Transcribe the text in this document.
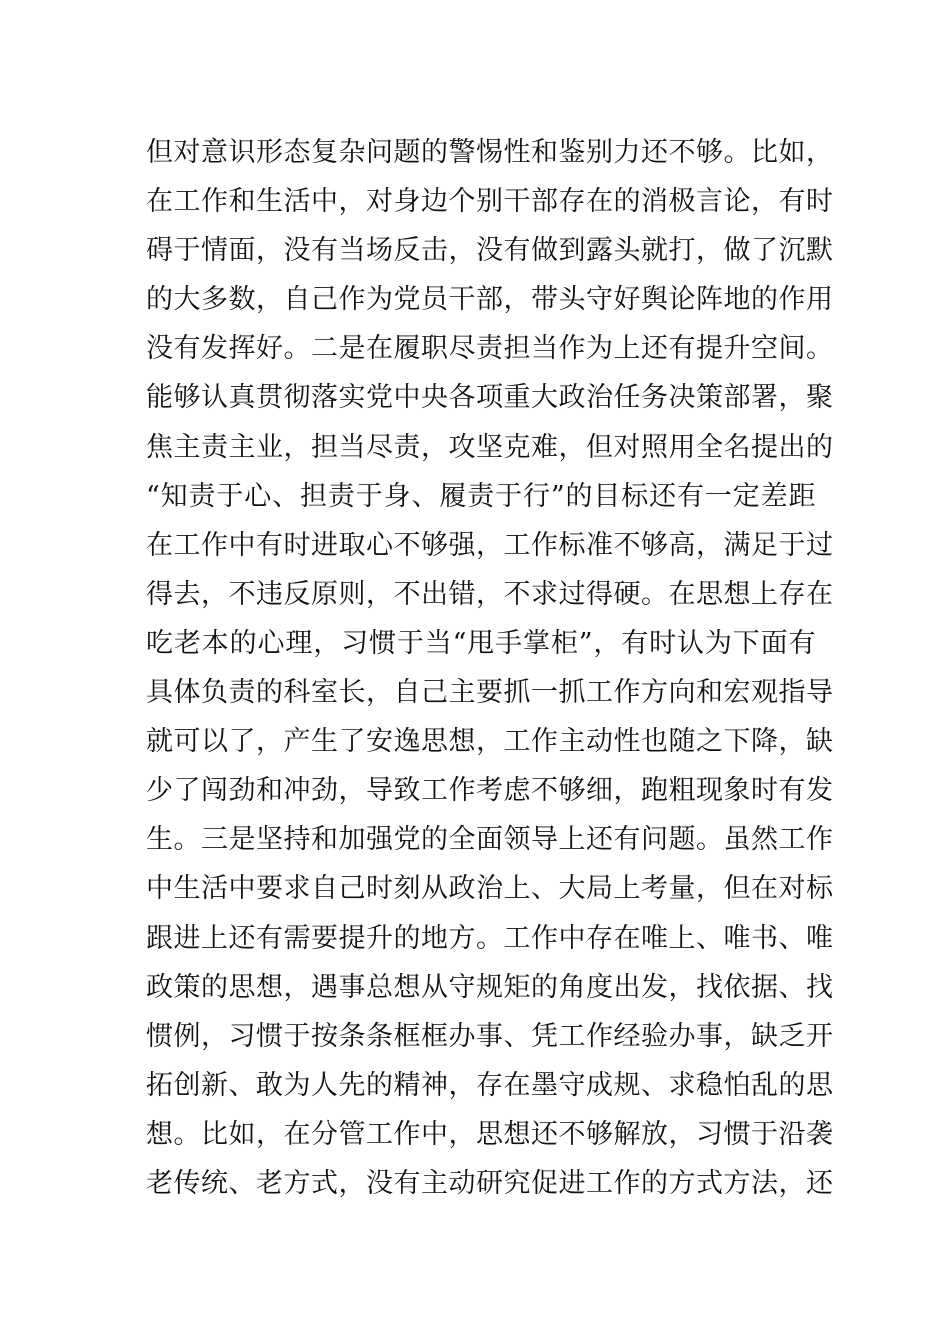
但对意识形态复杂问题的警惕性和鉴别力还不够。比如，
在工作和生活中，对身边个别干部存在的消极言论，有时
碍于情面，没有当场反击，没有做到露头就打，做了沉默
的大多数，自己作为党员干部，带头守好舆论阵地的作用
没有发挥好。二是在履职尽责担当作为上还有提升空间。
能够认真贯彻落实党中央各项重大政治任务决策部署，聚
焦主责主业，担当尽责，攻坚克难，但对照用全名提出的
“知责于心、担责于身、履责于行”的目标还有一定差距
在工作中有时进取心不够强，工作标准不够高，满足于过
得去，不违反原则，不出错，不求过得硬。在思想上存在
吃老本的心理，习惯于当“甩手掌柜”，有时认为下面有
具体负责的科室长，自己主要抓一抓工作方向和宏观指导
就可以了，产生了安逸思想，工作主动性也随之下降，缺
少了闯劲和冲劲，导致工作考虑不够细，跑粗现象时有发
生。三是坚持和加强党的全面领导上还有问题。虽然工作
中生活中要求自己时刻从政治上、大局上考量，但在对标
跟进上还有需要提升的地方。工作中存在唯上、唯书、唯
政策的思想，遇事总想从守规矩的角度出发，找依据、找
惯例，习惯于按条条框框办事、凭工作经验办事，缺乏开
拓创新、敢为人先的精神，存在墨守成规、求稳怕乱的思
想。比如，在分管工作中，思想还不够解放，习惯于沿袭
老传统、老方式，没有主动研究促进工作的方式方法，还
